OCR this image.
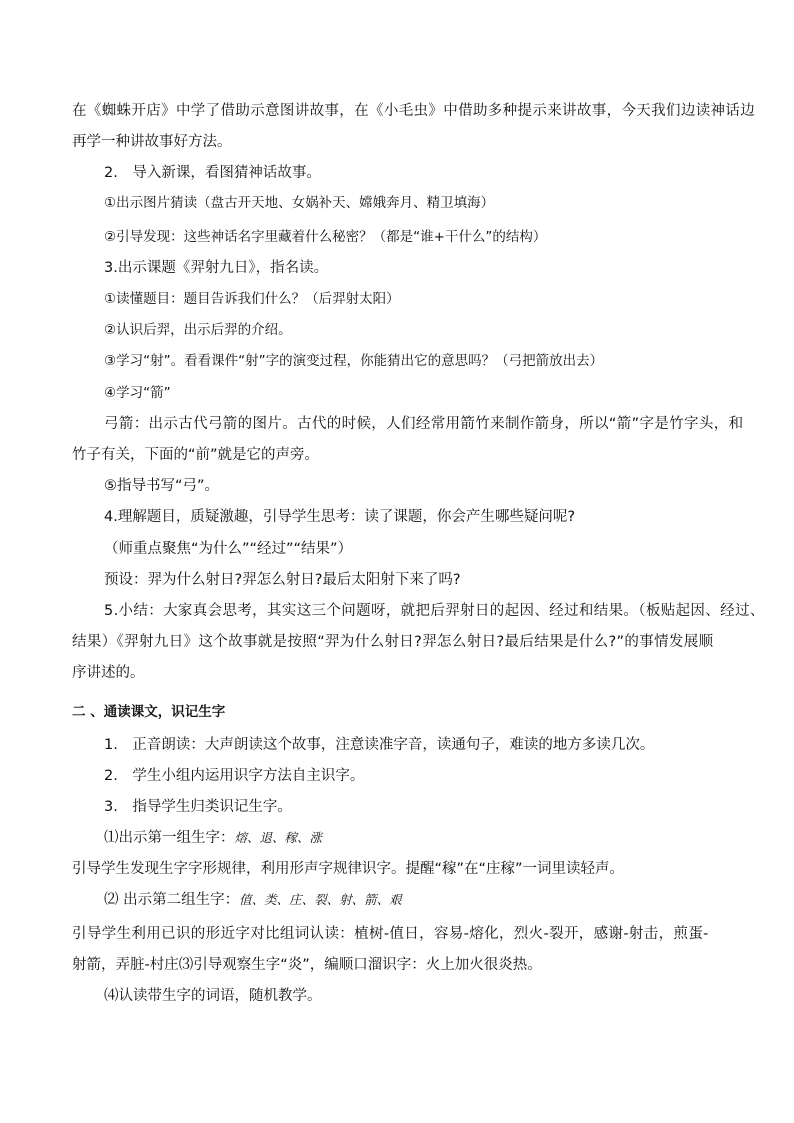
在《蜘蛛开店》中学了借助示意图讲故事，在《小毛虫》中借助多种提示来讲故事，今天我们边读神话边
再学一种讲故事好方法。
2.　导入新课，看图猜神话故事。
①出示图片猜读（盘古开天地、女娲补天、嫦娥奔月、精卫填海）
②引导发现：这些神话名字里藏着什么秘密？（都是“谁+干什么”的结构）
3.出示课题《羿射九日》，指名读。
①读懂题目：题目告诉我们什么？（后羿射太阳）
②认识后羿，出示后羿的介绍。
③学习“射”。看看课件“射”字的演变过程，你能猜出它的意思吗？（弓把箭放出去）
④学习“箭”
弓箭：出示古代弓箭的图片。古代的时候，人们经常用箭竹来制作箭身，所以“箭”字是竹字头，和
竹子有关，下面的“前”就是它的声旁。
⑤指导书写“弓”。
4.理解题目，质疑激趣，引导学生思考：读了课题，你会产生哪些疑问呢?
（师重点聚焦“为什么”“经过”“结果”）
预设：羿为什么射日?羿怎么射日?最后太阳射下来了吗?
5.小结：大家真会思考，其实这三个问题呀，就把后羿射日的起因、经过和结果。（板贴起因、经过、
结果）《羿射九日》这个故事就是按照“羿为什么射日?羿怎么射日?最后结果是什么?”的事情发展顺
序讲述的。
二 、通读课文，识记生字
1.　正音朗读：大声朗读这个故事，注意读准字音，读通句子，难读的地方多读几次。
2.　学生小组内运用识字方法自主识字。
3.　指导学生归类识记生字。
⑴出示第一组生字：熔、退、稼、涨
引导学生发现生字字形规律，利用形声字规律识字。提醒“稼”在“庄稼”一词里读轻声。
⑵ 出示第二组生字：值、类、庄、裂、射、箭、艰
引导学生利用已识的形近字对比组词认读：植树-值日，容易-熔化，烈火-裂开，感谢-射击，煎蛋-
射箭，弄脏-村庄⑶引导观察生字“炎”，编顺口溜识字：火上加火很炎热。
⑷认读带生字的词语，随机教学。
